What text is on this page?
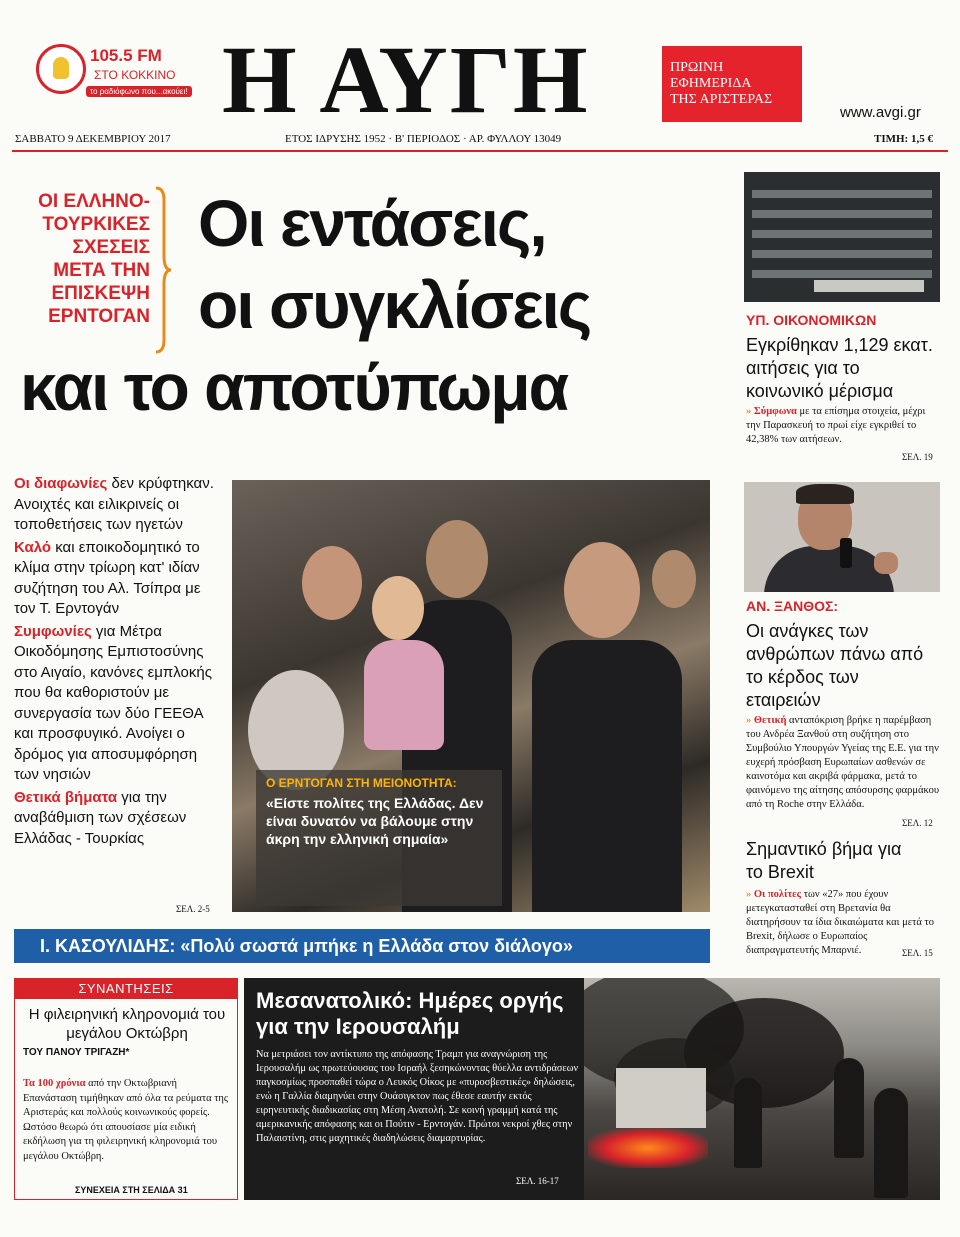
105.5 FM
ΣΤΟ ΚΟΚΚΙΝΟ
το ραδιόφωνο που...ακούει! Η ΑΥΓΗ	ΠΡΩΙΝΗ
ΕΦΗΜΕΡΙΔΑ
ΤΗΣ ΑΡΙΣΤΕΡΑΣ
www.avgi.gr
ΣΑΒΒΑΤΟ 9 ΔΕΚΕΜΒΡΙΟΥ 2017	ΕΤΟΣ ΙΔΡΥΣΗΣ 1952 · Β' ΠΕΡΙΟΔΟΣ · ΑΡ. ΦΥΛΛΟΥ 13049	ΤΙΜΗ: 1,5 €
ΟΙ ΕΛΛΗΝΟ-
ΤΟΥΡΚΙΚΕΣ
ΣΧΕΣΕΙΣ
ΜΕΤΑ ΤΗΝ
ΕΠΙΣΚΕΨΗ
ΕΡΝΤΟΓΑΝ
Οι εντάσεις,
οι συγκλίσεις
και το αποτύπωμα

Οι διαφωνίες δεν κρύφτηκαν. Ανοιχτές και ειλικρινείς οι τοποθετήσεις των ηγετών

Καλό και εποικοδομητικό το κλίμα στην τρίωρη κατ' ιδίαν συζήτηση του Αλ. Τσίπρα με τον Τ. Ερντογάν

Συμφωνίες για Μέτρα Οικοδόμησης Εμπιστοσύνης στο Αιγαίο, κανόνες εμπλοκής που θα καθοριστούν με συνεργασία των δύο ΓΕΕΘΑ και προσφυγικό. Ανοίγει ο δρόμος για αποσυμφόρηση των νησιών

Θετικά βήματα για την αναβάθμιση των σχέσεων Ελλάδας - Τουρκίας

ΣΕΛ. 2-5
Ο ΕΡΝΤΟΓΑΝ ΣΤΗ ΜΕΙΟΝΟΤΗΤΑ:
«Είστε πολίτες της Ελλάδας. Δεν είναι δυνατόν να βάλουμε στην άκρη την ελληνική σημαία»
ΥΠ. ΟΙΚΟΝΟΜΙΚΩΝ
Εγκρίθηκαν 1,129 εκατ. αιτήσεις για το κοινωνικό μέρισμα
» Σύμφωνα με τα επίσημα στοιχεία, μέχρι την Παρασκευή το πρωί είχε εγκριθεί το 42,38% των αιτήσεων.
ΣΕΛ. 19
ΑΝ. ΞΑΝΘΟΣ:
Οι ανάγκες των ανθρώπων πάνω από το κέρδος των εταιρειών
» Θετική ανταπόκριση βρήκε η παρέμβαση του Ανδρέα Ξανθού στη συζήτηση στο Συμβούλιο Υπουργών Υγείας της Ε.Ε. για την ευχερή πρόσβαση Ευρωπαίων ασθενών σε καινοτόμα και ακριβά φάρμακα, μετά το φαινόμενο της αίτησης απόσυρσης φαρμάκου από τη Roche στην Ελλάδα.
ΣΕΛ. 12
Σημαντικό βήμα για το Brexit
» Οι πολίτες των «27» που έχουν μετεγκατασταθεί στη Βρετανία θα διατηρήσουν τα ίδια δικαιώματα και μετά το Brexit, δήλωσε ο Ευρωπαίος διαπραγματευτής Μπαρνιέ.	ΣΕΛ. 15
Ι. ΚΑΣΟΥΛΙΔΗΣ: «Πολύ σωστά μπήκε η Ελλάδα στον διάλογο»
ΣΥΝΑΝΤΗΣΕΙΣ
Η φιλειρηνική κληρονομιά του μεγάλου Οκτώβρη
ΤΟΥ ΠΑΝΟΥ ΤΡΙΓΑΖΗ*
Τα 100 χρόνια από την Οκτωβριανή Επανάσταση τιμήθηκαν από όλα τα ρεύματα της Αριστεράς και πολλούς κοινωνικούς φορείς. Ωστόσο θεωρώ ότι απουσίασε μία ειδική εκδήλωση για τη φιλειρηνική κληρονομιά του μεγάλου Οκτώβρη.
ΣΥΝΕΧΕΙΑ ΣΤΗ ΣΕΛΙΔΑ 31
Μεσανατολικό: Ημέρες οργής για την Ιερουσαλήμ
Να μετριάσει τον αντίκτυπο της απόφασης Τραμπ για αναγνώριση της Ιερουσαλήμ ως πρωτεύουσας του Ισραήλ ξεσηκώνοντας θύελλα αντιδράσεων παγκοσμίως προσπαθεί τώρα ο Λευκός Οίκος με «πυροσβεστικές» δηλώσεις, ενώ η Γαλλία διαμηνύει στην Ουάσιγκτον πως έθεσε εαυτήν εκτός ειρηνευτικής διαδικασίας στη Μέση Ανατολή. Σε κοινή γραμμή κατά της αμερικανικής απόφασης και οι Πούτιν - Ερντογάν. Πρώτοι νεκροί χθες στην Παλαιστίνη, στις μαχητικές διαδηλώσεις διαμαρτυρίας.
ΣΕΛ. 16-17
